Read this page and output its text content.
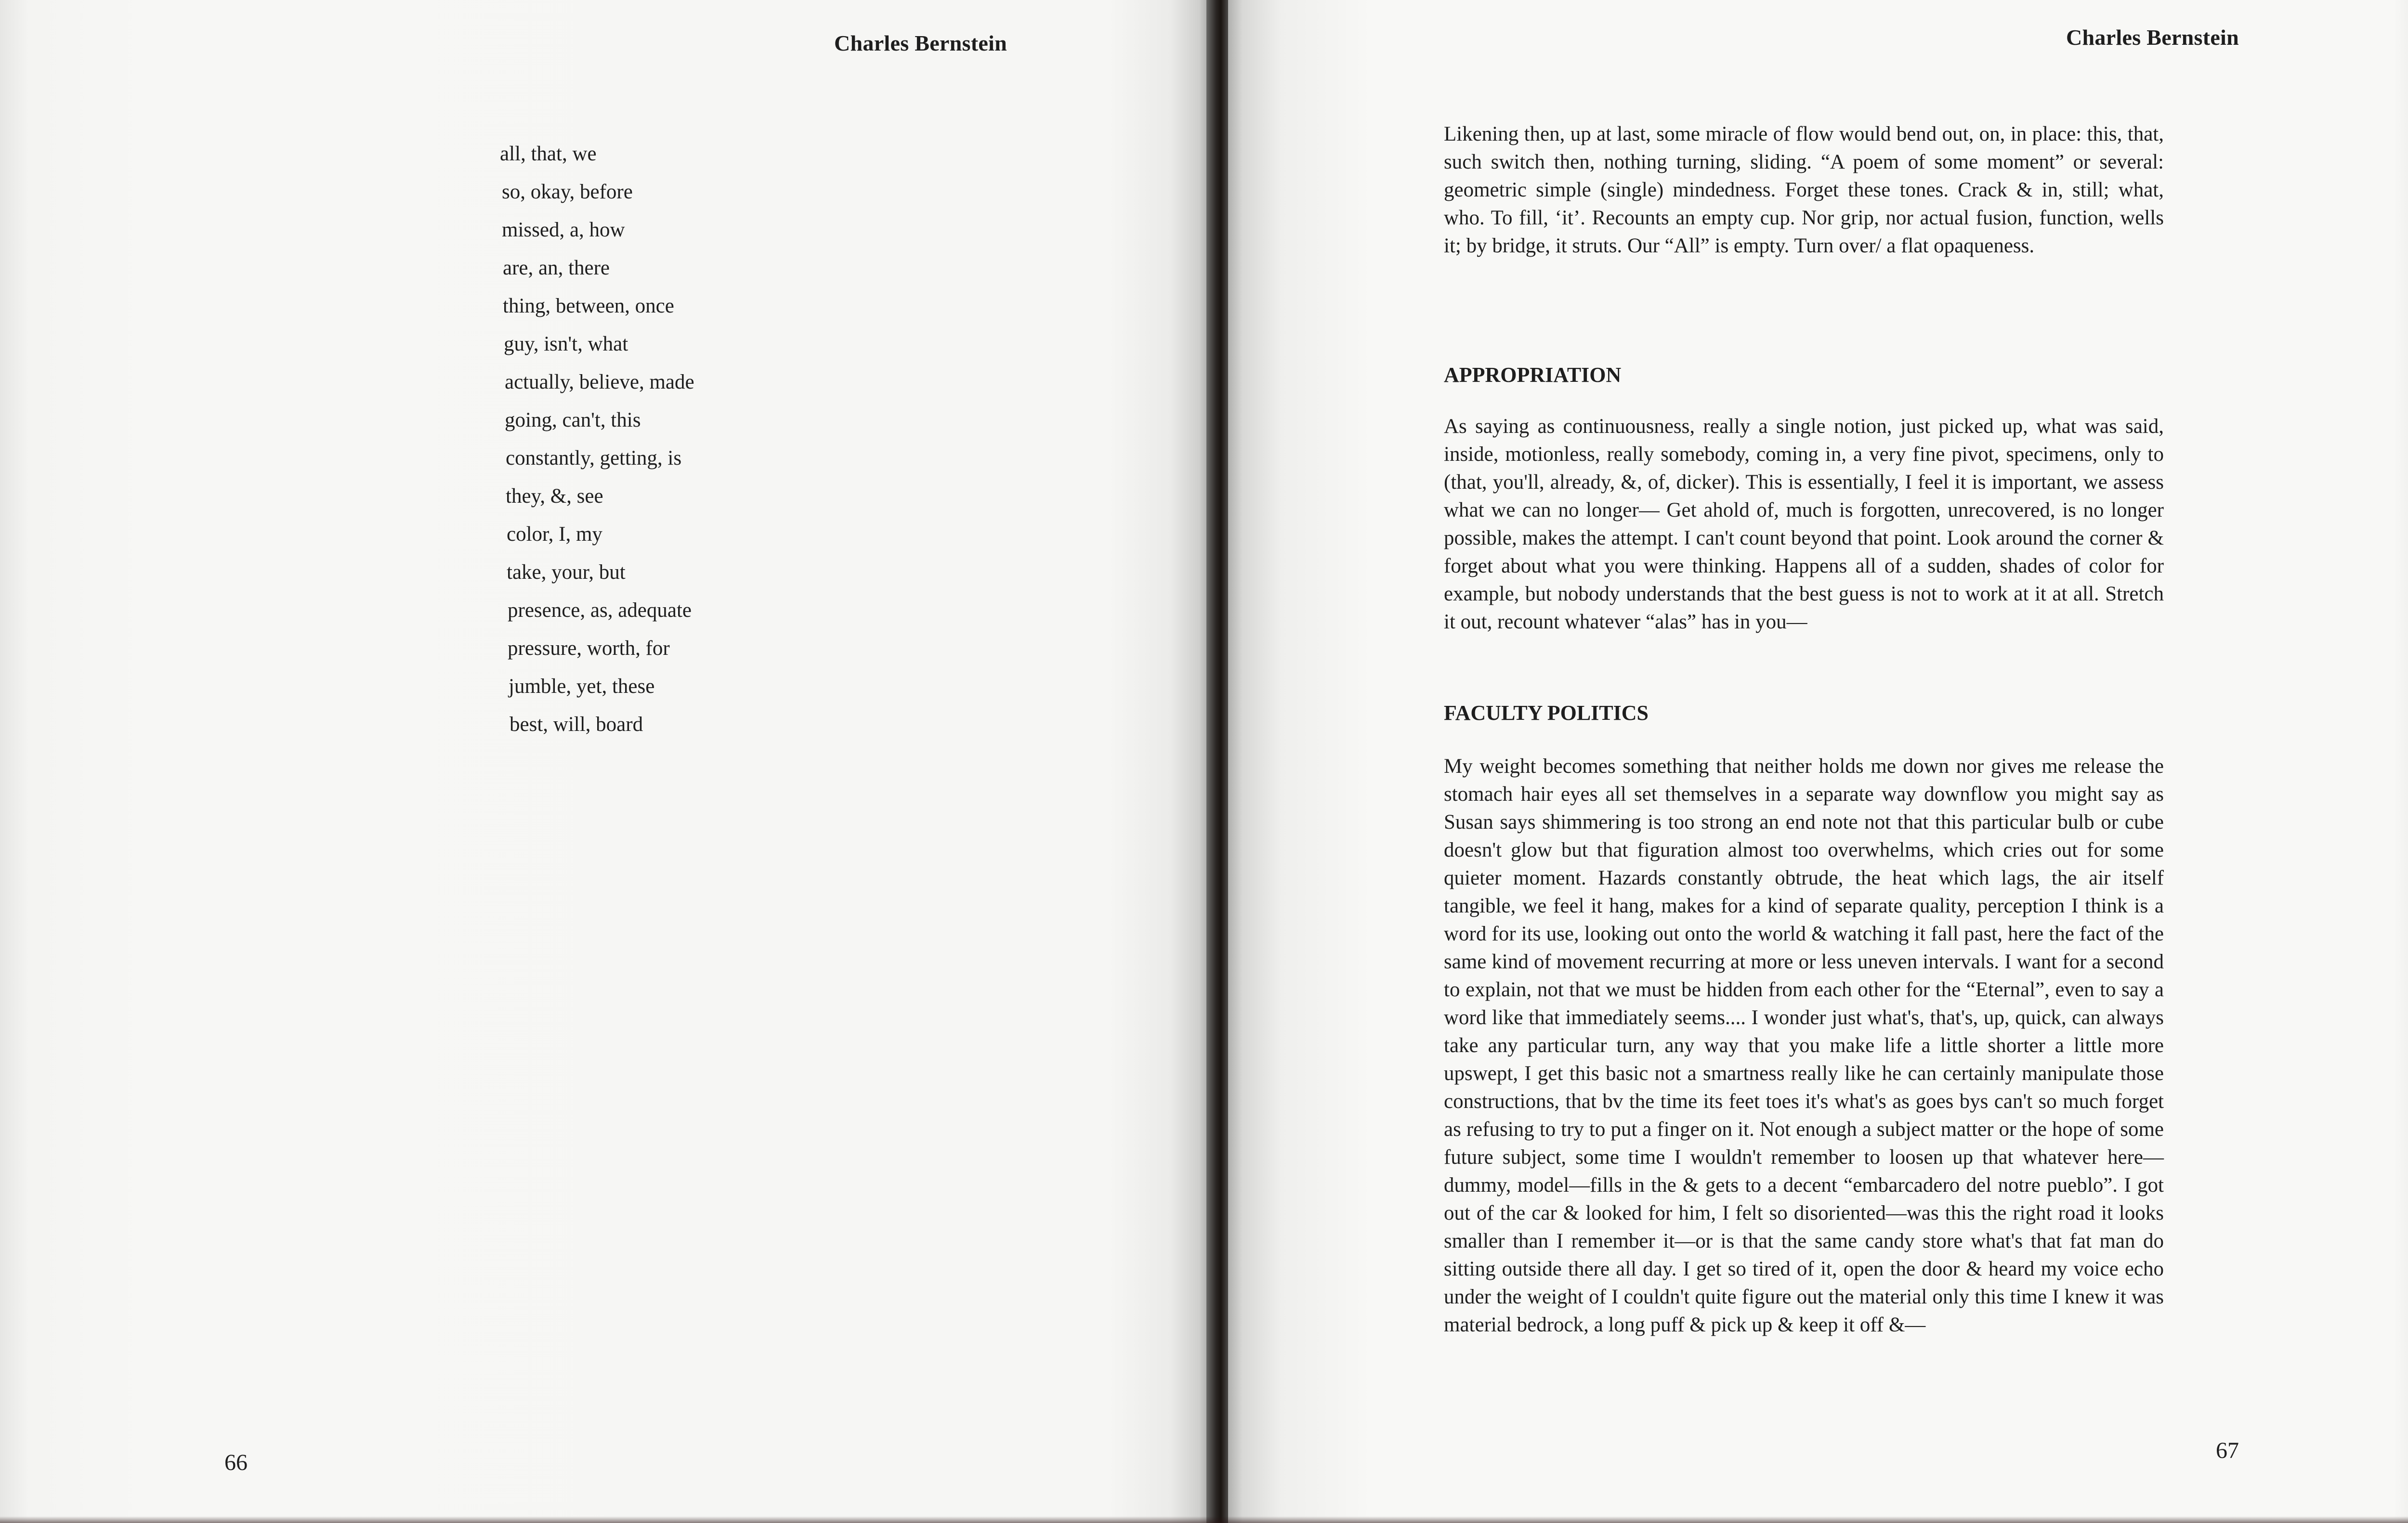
Charles Bernstein
all, that, we
so, okay, before
missed, a, how
are, an, there
thing, between, once
guy, isn't, what
actually, believe, made
going, can't, this
constantly, getting, is
they, &, see
color, I, my
take, your, but
presence, as, adequate
pressure, worth, for
jumble, yet, these
best, will, board
66
Charles Bernstein

Likening then, up at last, some miracle of flow would bend out, on, in place: this, that, such switch then, nothing turning, sliding. “A poem of some moment” or several: geometric simple (single) mindedness. Forget these tones. Crack & in, still; what, who. To fill, ‘it’. Recounts an empty cup. Nor grip, nor actual fusion, function, wells it; by bridge, it struts. Our “All” is empty. Turn over/ a flat opaqueness.

APPROPRIATION

As saying as continuousness, really a single notion, just picked up, what was said, inside, motionless, really somebody, coming in, a very fine pivot, specimens, only to (that, you'll, already, &, of, dicker). This is essentially, I feel it is important, we assess what we can no longer— Get ahold of, much is forgotten, unrecovered, is no longer possible, makes the attempt. I can't count beyond that point. Look around the corner & forget about what you were thinking. Happens all of a sudden, shades of color for example, but nobody understands that the best guess is not to work at it at all. Stretch it out, recount whatever “alas” has in you—

FACULTY POLITICS

My weight becomes something that neither holds me down nor gives me release the stomach hair eyes all set themselves in a separate way downflow you might say as Susan says shimmering is too strong an end note not that this particular bulb or cube doesn't glow but that figuration almost too overwhelms, which cries out for some quieter moment. Hazards constantly obtrude, the heat which lags, the air itself tangible, we feel it hang, makes for a kind of separate quality, perception I think is a word for its use, looking out onto the world & watching it fall past, here the fact of the same kind of movement recurring at more or less uneven intervals. I want for a second to explain, not that we must be hidden from each other for the “Eternal”, even to say a word like that immediately seems.... I wonder just what's, that's, up, quick, can always take any particular turn, any way that you make life a little shorter a little more upswept, I get this basic not a smartness really like he can certainly manipulate those constructions, that bv the time its feet toes it's what's as goes bys can't so much forget as refusing to try to put a finger on it. Not enough a subject matter or the hope of some future subject, some time I wouldn't remember to loosen up that whatever here—dummy, model—fills in the & gets to a decent “embarcadero del notre pueblo”. I got out of the car & looked for him, I felt so disoriented—was this the right road it looks smaller than I remember it—or is that the same candy store what's that fat man do sitting outside there all day. I get so tired of it, open the door & heard my voice echo under the weight of I couldn't quite figure out the material only this time I knew it was material bedrock, a long puff & pick up & keep it off &—

67
